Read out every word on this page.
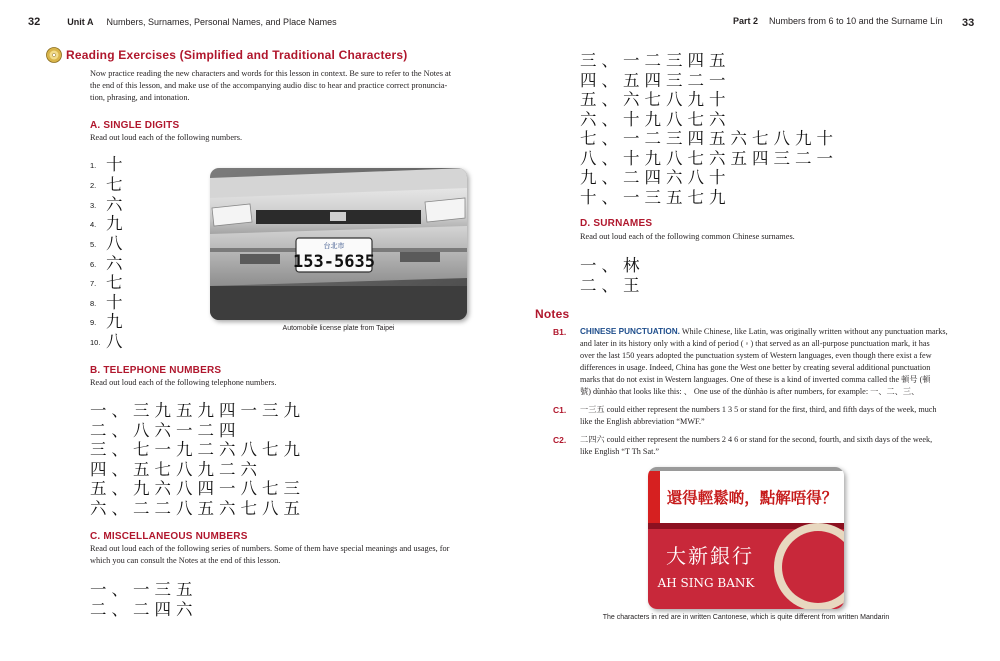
32	Unit A Numbers, Surnames, Personal Names, and Place Names
Reading Exercises (Simplified and Traditional Characters)
Now practice reading the new characters and words for this lesson in context. Be sure to refer to the Notes at
the end of this lesson, and make use of the accompanying audio disc to hear and practice correct pronuncia-
tion, phrasing, and intonation.
A. SINGLE DIGITS
Read out loud each of the following numbers.
1. 十
2. 七
3. 六
4. 九
5. 八
6. 六
7. 七
8. 十
9. 九
10. 八
台北市
153-5635
Automobile license plate from Taipei
B. TELEPHONE NUMBERS
Read out loud each of the following telephone numbers.
一、三九五九四一三九
二、八六一二四
三、七一九二六八七九
四、五七八九二六
五、九六八四一八七三
六、二二八五六七八五
C. MISCELLANEOUS NUMBERS
Read out loud each of the following series of numbers. Some of them have special meanings and usages, for
which you can consult the Notes at the end of this lesson.
一、一三五
二、二四六
Part 2 Numbers from 6 to 10 and the Surname Lín 33
三、一二三四五
四、五四三二一
五、六七八九十
六、十九八七六
七、一二三四五六七八九十
八、十九八七六五四三二一
九、二四六八十
十、一三五七九
D. SURNAMES
Read out loud each of the following common Chinese surnames.
一、林
二、王
Notes
B1. CHINESE PUNCTUATION. While Chinese, like Latin, was originally written without any punctuation marks,
and later in its history only with a kind of period ( ◦ ) that served as an all-purpose punctuation mark, it has
over the last 150 years adopted the punctuation system of Western languages, even though there exist a few
differences in usage. Indeed, China has gone the West one better by creating several additional punctuation
marks that do not exist in Western languages. One of these is a kind of inverted comma called the 頓号 (頓
號) dùnhào that looks like this: 、 One use of the dùnhào is after numbers, for example: 一、二、三、
C1. 一三五 could either represent the numbers 1 3 5 or stand for the first, third, and fifth days of the week, much
like the English abbreviation “MWF.”
C2. 二四六 could either represent the numbers 2 4 6 or stand for the second, fourth, and sixth days of the week,
like English “T Th Sat.”
還得輕鬆啲，點解唔得？
大新銀行
AH SING BANK
The characters in red are in written Cantonese, which is quite different from written Mandarin
